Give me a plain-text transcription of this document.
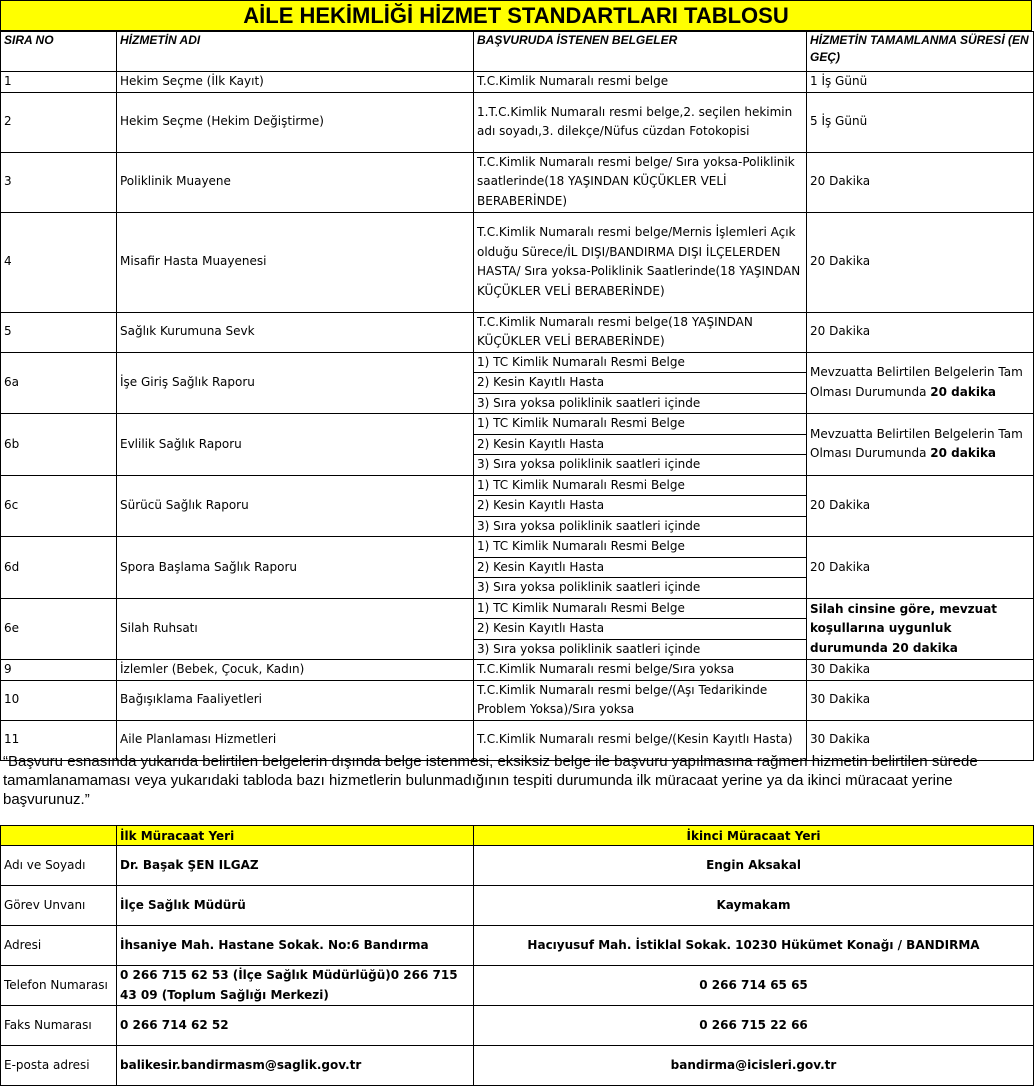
AİLE HEKİMLİĞİ HİZMET STANDARTLARI TABLOSU
SIRA NO	HİZMETİN ADI	BAŞVURUDA İSTENEN BELGELER	HİZMETİN TAMAMLANMA SÜRESİ (EN GEÇ)
1	Hekim Seçme (İlk Kayıt)	T.C.Kimlik Numaralı resmi belge	1 İş Günü
2	Hekim Seçme (Hekim Değiştirme)	1.T.C.Kimlik Numaralı resmi belge,2. seçilen hekimin adı soyadı,3. dilekçe/Nüfus cüzdan Fotokopisi	5 İş Günü
3	Poliklinik Muayene	T.C.Kimlik Numaralı resmi belge/ Sıra yoksa-Poliklinik saatlerinde(18 YAŞINDAN KÜÇÜKLER VELİ BERABERİNDE)	20 Dakika
4	Misafir Hasta Muayenesi	T.C.Kimlik Numaralı resmi belge/Mernis İşlemleri Açık olduğu Sürece/İL DIŞI/BANDIRMA DIŞI İLÇELERDEN HASTA/ Sıra yoksa-Poliklinik Saatlerinde(18 YAŞINDAN KÜÇÜKLER VELİ BERABERİNDE)	20 Dakika
5	Sağlık Kurumuna Sevk	T.C.Kimlik Numaralı resmi belge(18 YAŞINDAN KÜÇÜKLER VELİ BERABERİNDE)	20 Dakika
6a	İşe Giriş Sağlık Raporu	1) TC Kimlik Numaralı Resmi Belge	Mevzuatta Belirtilen Belgelerin Tam Olması Durumunda 20 dakika
		2) Kesin Kayıtlı Hasta	
		3) Sıra yoksa poliklinik saatleri içinde	
6b	Evlilik Sağlık Raporu	1) TC Kimlik Numaralı Resmi Belge	Mevzuatta Belirtilen Belgelerin Tam Olması Durumunda 20 dakika
		2) Kesin Kayıtlı Hasta	
		3) Sıra yoksa poliklinik saatleri içinde	
6c	Sürücü Sağlık Raporu	1) TC Kimlik Numaralı Resmi Belge	20 Dakika
		2) Kesin Kayıtlı Hasta	
		3) Sıra yoksa poliklinik saatleri içinde	
6d	Spora Başlama Sağlık Raporu	1) TC Kimlik Numaralı Resmi Belge	20 Dakika
		2) Kesin Kayıtlı Hasta	
		3) Sıra yoksa poliklinik saatleri içinde	
6e	Silah Ruhsatı	1) TC Kimlik Numaralı Resmi Belge	Silah cinsine göre, mevzuat koşullarına uygunluk durumunda 20 dakika
		2) Kesin Kayıtlı Hasta	
		3) Sıra yoksa poliklinik saatleri içinde	
9	İzlemler (Bebek, Çocuk, Kadın)	T.C.Kimlik Numaralı resmi belge/Sıra yoksa	30 Dakika
10	Bağışıklama Faaliyetleri	T.C.Kimlik Numaralı resmi belge/(Aşı Tedarikinde Problem Yoksa)/Sıra yoksa	30 Dakika
11	Aile Planlaması Hizmetleri	T.C.Kimlik Numaralı resmi belge/(Kesin Kayıtlı Hasta)	30 Dakika
“Başvuru esnasında yukarıda belirtilen belgelerin dışında belge istenmesi, eksiksiz belge ile başvuru yapılmasına rağmen hizmetin belirtilen sürede tamamlanamaması veya yukarıdaki tabloda bazı hizmetlerin bulunmadığının tespiti durumunda ilk müracaat yerine ya da ikinci müracaat yerine başvurunuz.”
	İlk Müracaat Yeri	İkinci Müracaat Yeri
Adı ve Soyadı	Dr. Başak ŞEN ILGAZ	Engin Aksakal
Görev Unvanı	İlçe Sağlık Müdürü	Kaymakam
Adresi	İhsaniye Mah. Hastane Sokak. No:6 Bandırma	Hacıyusuf Mah. İstiklal Sokak. 10230 Hükümet Konağı / BANDIRMA
Telefon Numarası	0 266 715 62 53 (İlçe Sağlık Müdürlüğü)0 266 715 43 09 (Toplum Sağlığı Merkezi)	0 266 714 65 65
Faks Numarası	0 266 714 62 52	0 266 715 22 66
E-posta adresi	balikesir.bandirmasm@saglik.gov.tr	bandirma@icisleri.gov.tr
